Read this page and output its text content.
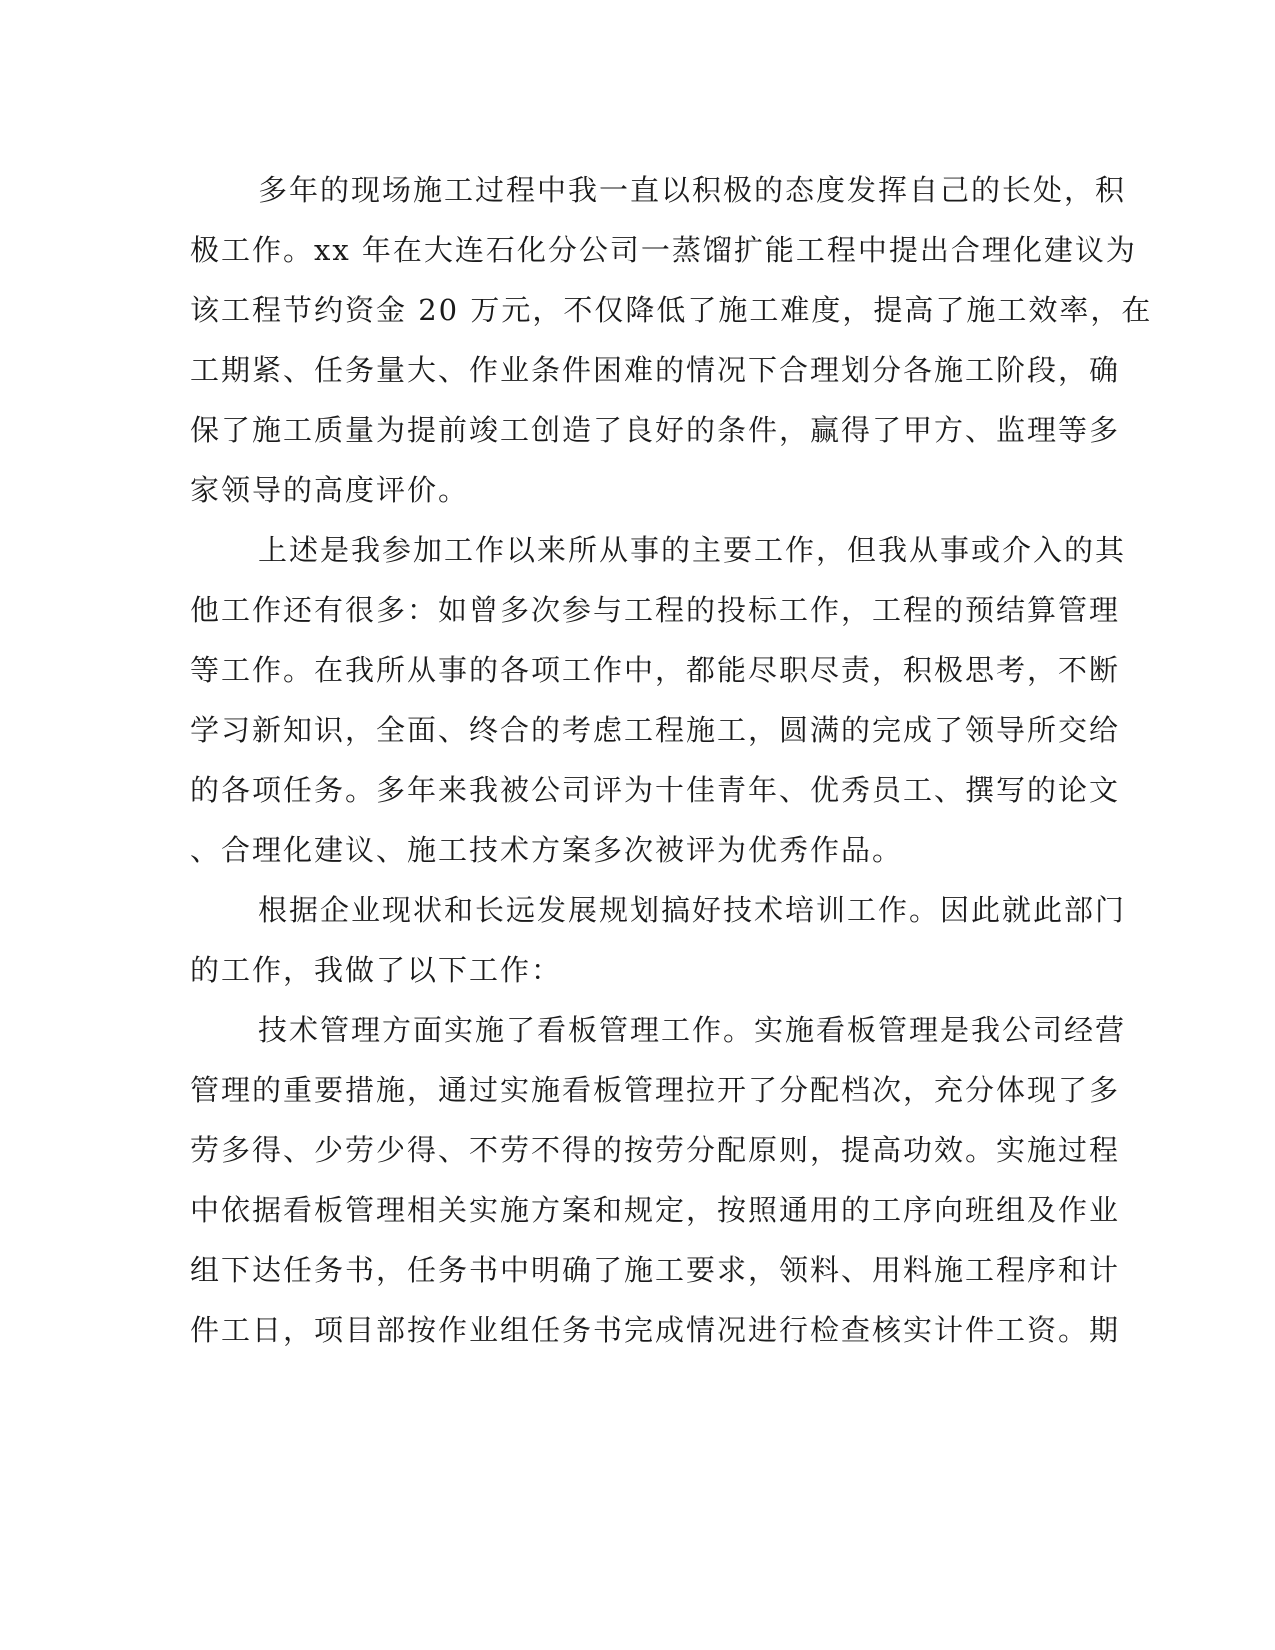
多年的现场施工过程中我一直以积极的态度发挥自己的长处，积
极工作。xx 年在大连石化分公司一蒸馏扩能工程中提出合理化建议为
该工程节约资金 20 万元，不仅降低了施工难度，提高了施工效率，在
工期紧、任务量大、作业条件困难的情况下合理划分各施工阶段，确
保了施工质量为提前竣工创造了良好的条件，赢得了甲方、监理等多
家领导的高度评价。
上述是我参加工作以来所从事的主要工作，但我从事或介入的其
他工作还有很多：如曾多次参与工程的投标工作，工程的预结算管理
等工作。在我所从事的各项工作中，都能尽职尽责，积极思考，不断
学习新知识，全面、终合的考虑工程施工，圆满的完成了领导所交给
的各项任务。多年来我被公司评为十佳青年、优秀员工、撰写的论文
、合理化建议、施工技术方案多次被评为优秀作品。
根据企业现状和长远发展规划搞好技术培训工作。因此就此部门
的工作，我做了以下工作：
技术管理方面实施了看板管理工作。实施看板管理是我公司经营
管理的重要措施，通过实施看板管理拉开了分配档次，充分体现了多
劳多得、少劳少得、不劳不得的按劳分配原则，提高功效。实施过程
中依据看板管理相关实施方案和规定，按照通用的工序向班组及作业
组下达任务书，任务书中明确了施工要求，领料、用料施工程序和计
件工日，项目部按作业组任务书完成情况进行检查核实计件工资。期
